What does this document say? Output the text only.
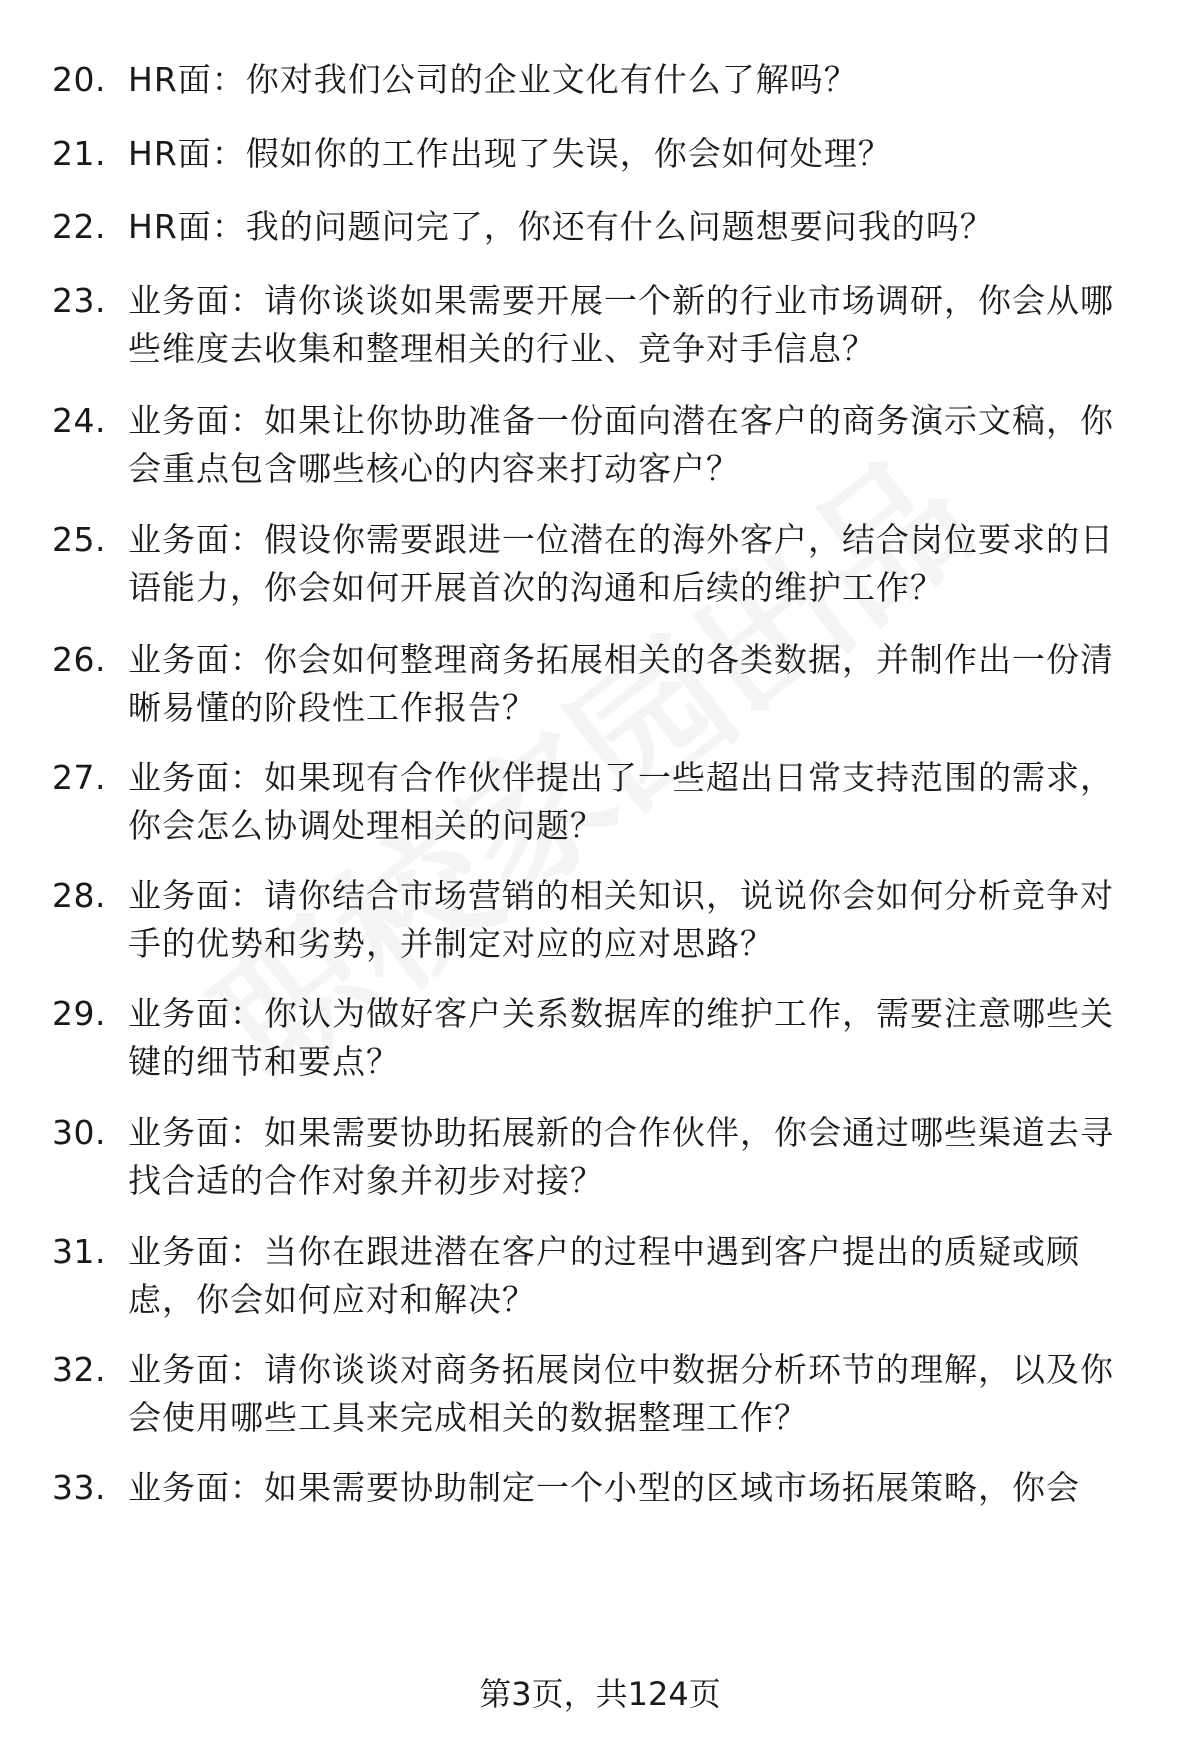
20. HR面：你对我们公司的企业文化有什么了解吗？
21. HR面：假如你的工作出现了失误，你会如何处理？
22. HR面：我的问题问完了，你还有什么问题想要问我的吗？
23. 业务面：请你谈谈如果需要开展一个新的行业市场调研，你会从哪些维度去收集和整理相关的行业、竞争对手信息？
24. 业务面：如果让你协助准备一份面向潜在客户的商务演示文稿，你会重点包含哪些核心的内容来打动客户？
25. 业务面：假设你需要跟进一位潜在的海外客户，结合岗位要求的日语能力，你会如何开展首次的沟通和后续的维护工作？
26. 业务面：你会如何整理商务拓展相关的各类数据，并制作出一份清晰易懂的阶段性工作报告？
27. 业务面：如果现有合作伙伴提出了一些超出日常支持范围的需求，你会怎么协调处理相关的问题？
28. 业务面：请你结合市场营销的相关知识，说说你会如何分析竞争对手的优势和劣势，并制定对应的应对思路？
29. 业务面：你认为做好客户关系数据库的维护工作，需要注意哪些关键的细节和要点？
30. 业务面：如果需要协助拓展新的合作伙伴，你会通过哪些渠道去寻找合适的合作对象并初步对接？
31. 业务面：当你在跟进潜在客户的过程中遇到客户提出的质疑或顾虑，你会如何应对和解决？
32. 业务面：请你谈谈对商务拓展岗位中数据分析环节的理解，以及你会使用哪些工具来完成相关的数据整理工作？
33. 业务面：如果需要协助制定一个小型的区域市场拓展策略，你会
第3页，共124页
